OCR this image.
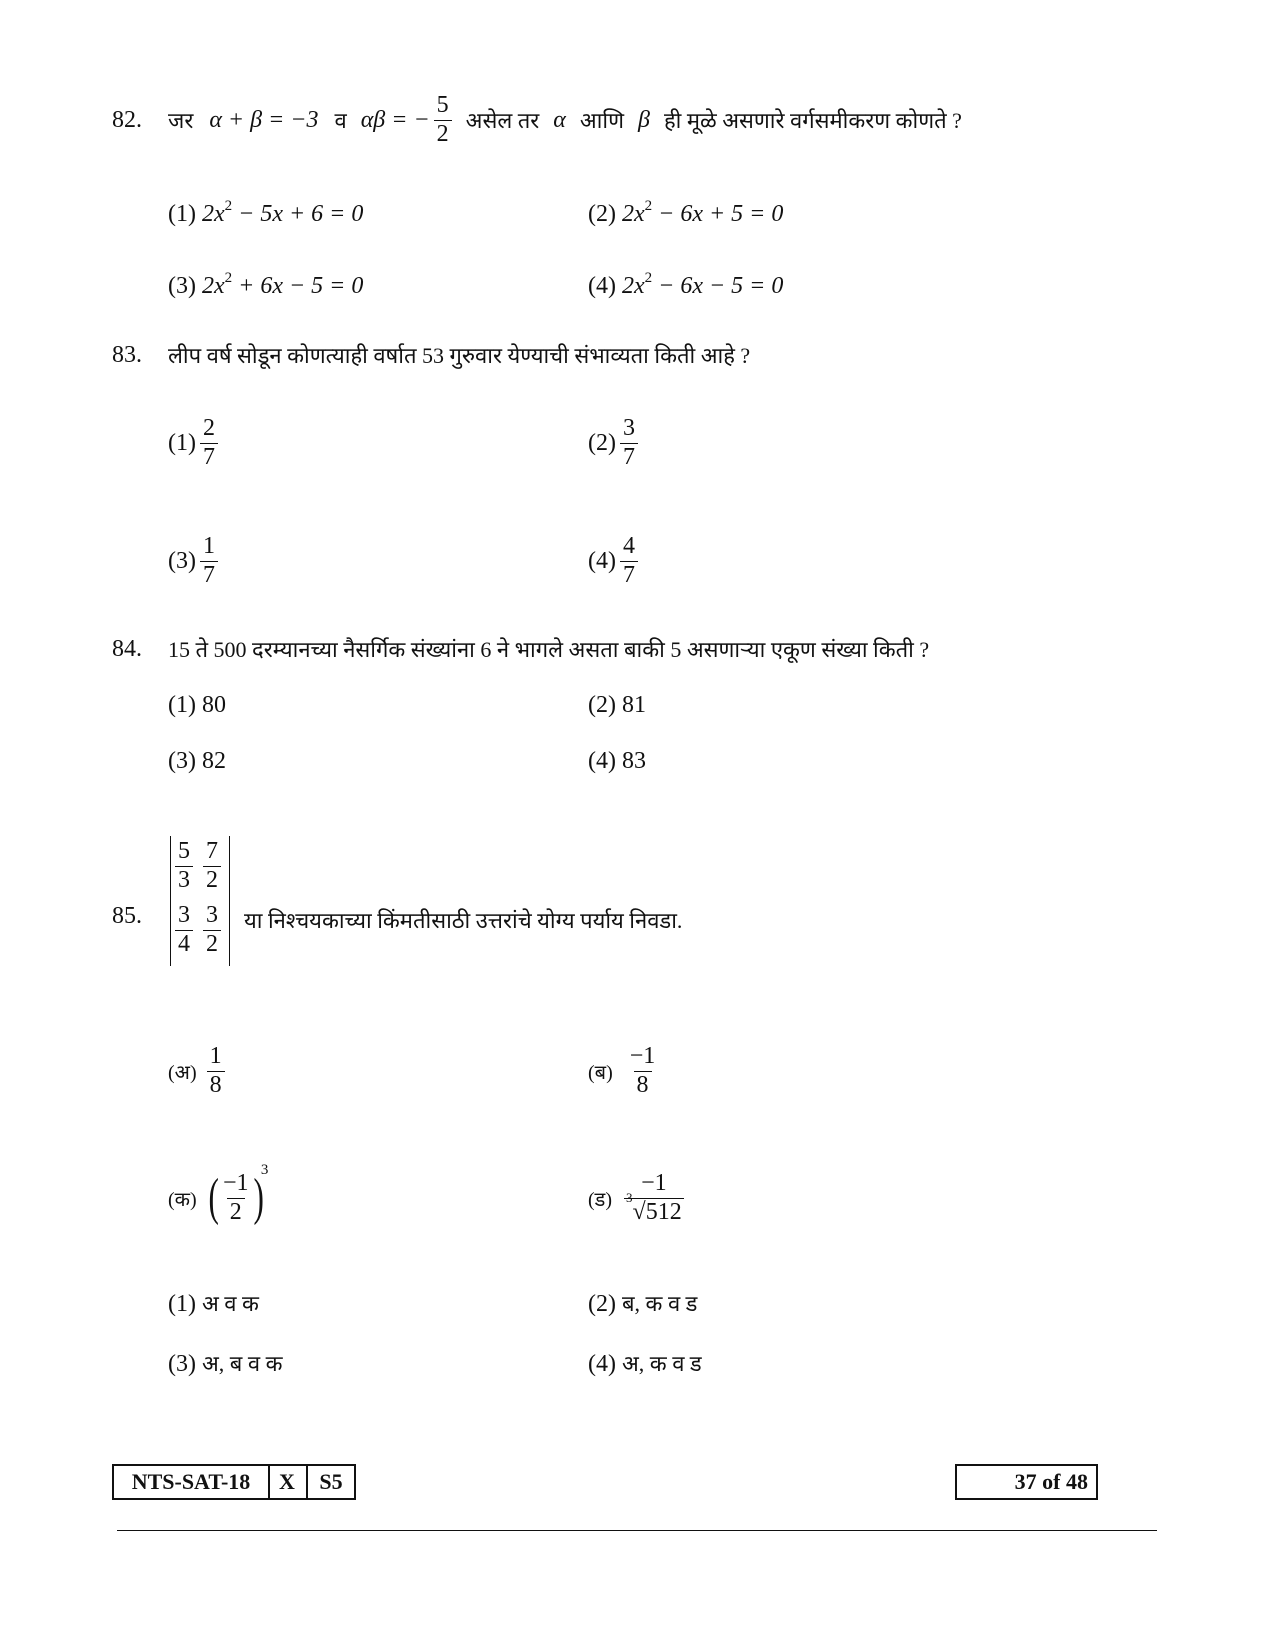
82.	जर α + β = −3 व αβ = − $\frac{5}{2}$ असेल तर α आणि β ही मूळे असणारे वर्गसमीकरण कोणते ?
(1) $2x^2 - 5x + 6 = 0$	(2) $2x^2 - 6x + 5 = 0$
(3) $2x^2 + 6x - 5 = 0$	(4) $2x^2 - 6x - 5 = 0$
83.	लीप वर्ष सोडून कोणत्याही वर्षात 53 गुरुवार येण्याची संभाव्यता किती आहे ?
$(1) \frac{2}{7}$	$(2) \frac{3}{7}$
$(3) \frac{1}{7}$	$(4) \frac{4}{7}$
84.	15 ते 500 दरम्यानच्या नैसर्गिक संख्यांना 6 ने भागले असता बाकी 5 असणाऱ्या एकूण संख्या किती ?
(1) 80	(2) 81
(3) 82	(4) 83
85.
$\frac{5}{3} \frac{7}{2}$
$\frac{3}{4} \frac{3}{2}$ या निश्चयकाच्या किंमतीसाठी उत्तरांचे योग्य पर्याय निवडा.
(अ) $\frac{1}{8}$	(ब) $\frac{-1}{8}$
(क) ( $\frac{-1}{2}$ )
3
(ड)
−1
$^3$√512
(1) अ व क	(2) ब, क व ड
(3) अ, ब व क	(4) अ, क व ड
NTS-SAT-18	X	S5	37 of 48
